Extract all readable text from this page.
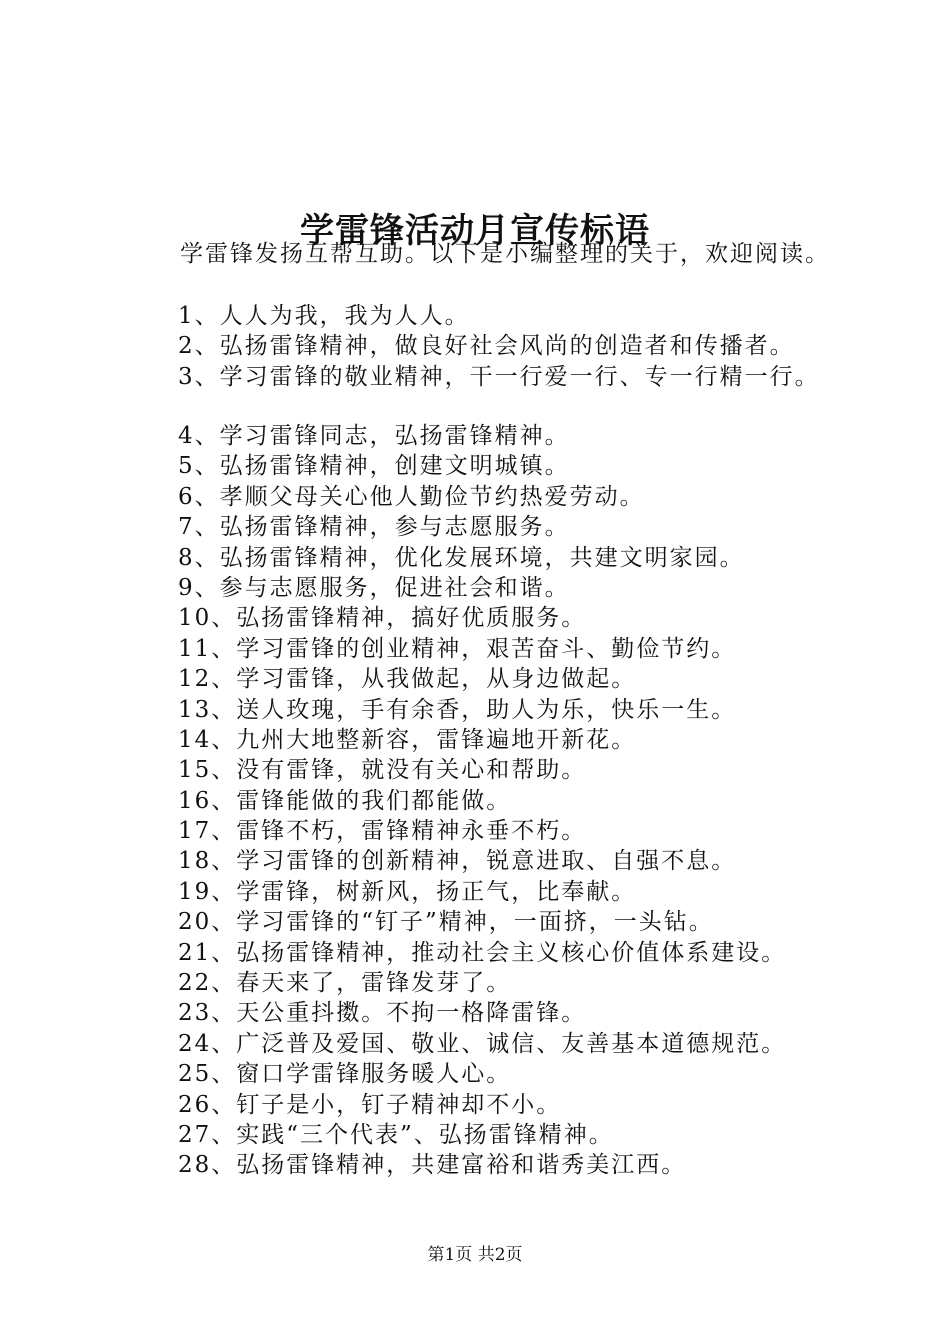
学雷锋活动月宣传标语
学雷锋发扬互帮互助。以下是小编整理的关于，欢迎阅读。
1、人人为我，我为人人。
2、弘扬雷锋精神，做良好社会风尚的创造者和传播者。
3、学习雷锋的敬业精神，干一行爱一行、专一行精一行。
4、学习雷锋同志，弘扬雷锋精神。
5、弘扬雷锋精神，创建文明城镇。
6、孝顺父母关心他人勤俭节约热爱劳动。
7、弘扬雷锋精神，参与志愿服务。
8、弘扬雷锋精神，优化发展环境，共建文明家园。
9、参与志愿服务，促进社会和谐。
10、弘扬雷锋精神，搞好优质服务。
11、学习雷锋的创业精神，艰苦奋斗、勤俭节约。
12、学习雷锋，从我做起，从身边做起。
13、送人玫瑰，手有余香，助人为乐，快乐一生。
14、九州大地整新容，雷锋遍地开新花。
15、没有雷锋，就没有关心和帮助。
16、雷锋能做的我们都能做。
17、雷锋不朽，雷锋精神永垂不朽。
18、学习雷锋的创新精神，锐意进取、自强不息。
19、学雷锋，树新风，扬正气，比奉献。
20、学习雷锋的“钉子”精神，一面挤，一头钻。
21、弘扬雷锋精神，推动社会主义核心价值体系建设。
22、春天来了，雷锋发芽了。
23、天公重抖擞。不拘一格降雷锋。
24、广泛普及爱国、敬业、诚信、友善基本道德规范。
25、窗口学雷锋服务暖人心。
26、钉子是小，钉子精神却不小。
27、实践“三个代表”、弘扬雷锋精神。
28、弘扬雷锋精神，共建富裕和谐秀美江西。
第1页 共2页
